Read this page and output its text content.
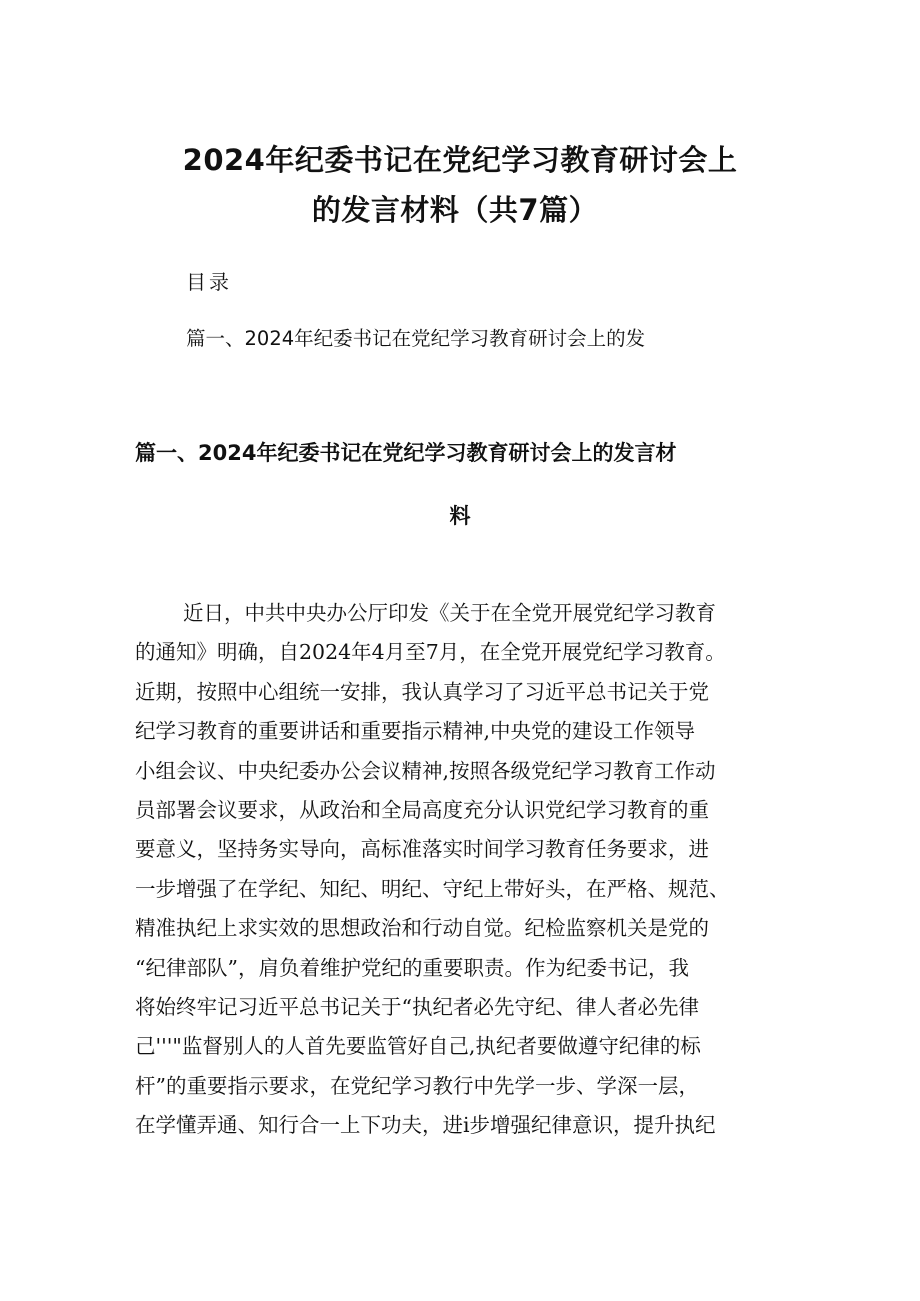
2024年纪委书记在党纪学习教育研讨会上
的发言材料（共7篇）
目录
篇一、2024年纪委书记在党纪学习教育研讨会上的发
篇一、2024年纪委书记在党纪学习教育研讨会上的发言材
料
近日，中共中央办公厅印发《关于在全党开展党纪学习教育
的通知》明确，自2024年4月至7月，在全党开展党纪学习教育。
近期，按照中心组统一安排，我认真学习了习近平总书记关于党
纪学习教育的重要讲话和重要指示精神,中央党的建设工作领导
小组会议、中央纪委办公会议精神,按照各级党纪学习教育工作动
员部署会议要求，从政治和全局高度充分认识党纪学习教育的重
要意义，坚持务实导向，高标准落实时间学习教育任务要求，进
一步增强了在学纪、知纪、明纪、守纪上带好头，在严格、规范、
精准执纪上求实效的思想政治和行动自觉。纪检监察机关是党的
“纪律部队”，肩负着维护党纪的重要职责。作为纪委书记，我
将始终牢记习近平总书记关于“执纪者必先守纪、律人者必先律
己'''"监督别人的人首先要监管好自己,执纪者要做遵守纪律的标
杆”的重要指示要求，在党纪学习教行中先学一步、学深一层，
在学懂弄通、知行合一上下功夫，进i步增强纪律意识，提升执纪
